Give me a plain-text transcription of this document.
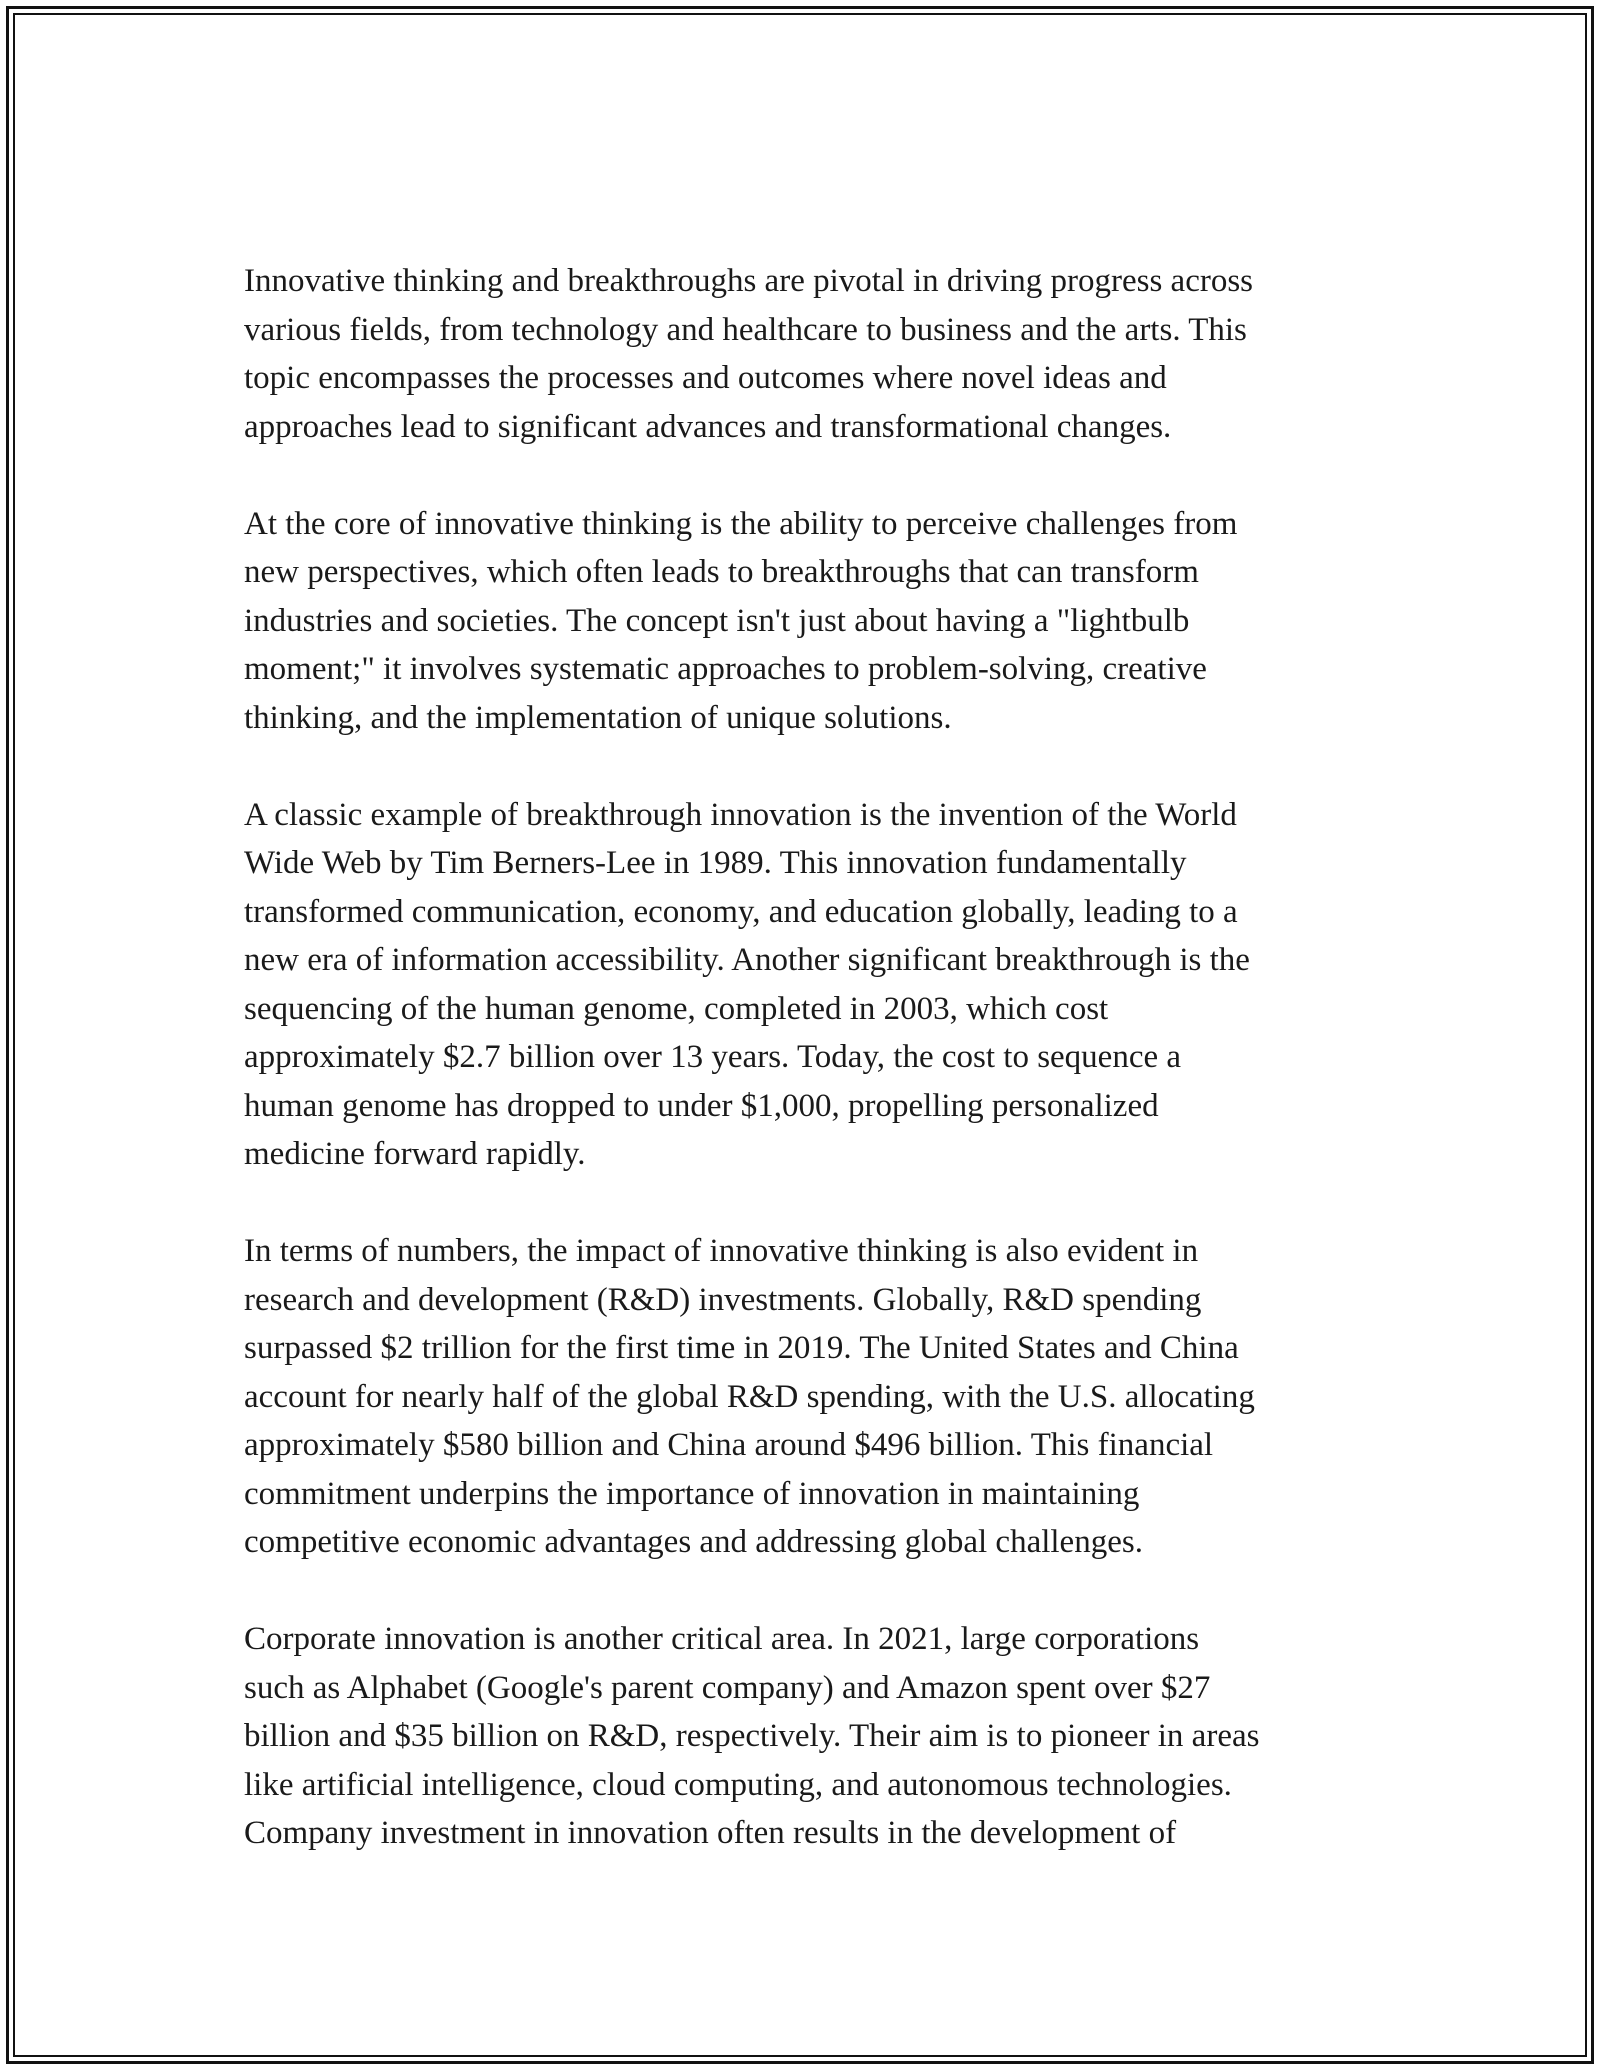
Innovative thinking and breakthroughs are pivotal in driving progress across
various fields, from technology and healthcare to business and the arts. This
topic encompasses the processes and outcomes where novel ideas and
approaches lead to significant advances and transformational changes.

At the core of innovative thinking is the ability to perceive challenges from
new perspectives, which often leads to breakthroughs that can transform
industries and societies. The concept isn't just about having a "lightbulb
moment;" it involves systematic approaches to problem-solving, creative
thinking, and the implementation of unique solutions.

A classic example of breakthrough innovation is the invention of the World
Wide Web by Tim Berners-Lee in 1989. This innovation fundamentally
transformed communication, economy, and education globally, leading to a
new era of information accessibility. Another significant breakthrough is the
sequencing of the human genome, completed in 2003, which cost
approximately $2.7 billion over 13 years. Today, the cost to sequence a
human genome has dropped to under $1,000, propelling personalized
medicine forward rapidly.

In terms of numbers, the impact of innovative thinking is also evident in
research and development (R&D) investments. Globally, R&D spending
surpassed $2 trillion for the first time in 2019. The United States and China
account for nearly half of the global R&D spending, with the U.S. allocating
approximately $580 billion and China around $496 billion. This financial
commitment underpins the importance of innovation in maintaining
competitive economic advantages and addressing global challenges.

Corporate innovation is another critical area. In 2021, large corporations
such as Alphabet (Google's parent company) and Amazon spent over $27
billion and $35 billion on R&D, respectively. Their aim is to pioneer in areas
like artificial intelligence, cloud computing, and autonomous technologies.
Company investment in innovation often results in the development of
